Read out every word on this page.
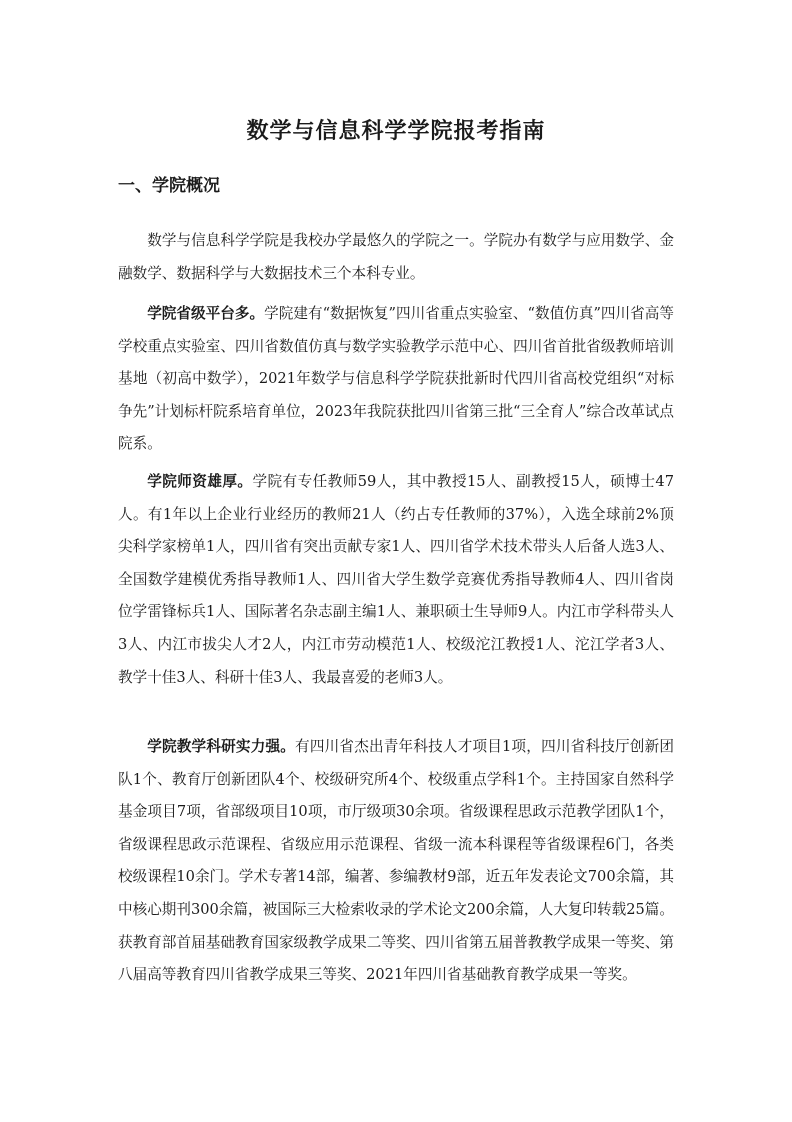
数学与信息科学学院报考指南
一、学院概况

数学与信息科学学院是我校办学最悠久的学院之一。学院办有数学与应用数学、金融数学、数据科学与大数据技术三个本科专业。

学院省级平台多。学院建有“数据恢复”四川省重点实验室、“数值仿真”四川省高等学校重点实验室、四川省数值仿真与数学实验教学示范中心、四川省首批省级教师培训基地（初高中数学），2021年数学与信息科学学院获批新时代四川省高校党组织“对标争先”计划标杆院系培育单位，2023年我院获批四川省第三批“三全育人”综合改革试点院系。

学院师资雄厚。学院有专任教师59人，其中教授15人、副教授15人，硕博士47人。有1年以上企业行业经历的教师21人（约占专任教师的37%），入选全球前2%顶尖科学家榜单1人，四川省有突出贡献专家1人、四川省学术技术带头人后备人选3人、全国数学建模优秀指导教师1人、四川省大学生数学竞赛优秀指导教师4人、四川省岗位学雷锋标兵1人、国际著名杂志副主编1人、兼职硕士生导师9人。内江市学科带头人3人、内江市拔尖人才2人，内江市劳动模范1人、校级沱江教授1人、沱江学者3人、教学十佳3人、科研十佳3人、我最喜爱的老师3人。

学院教学科研实力强。有四川省杰出青年科技人才项目1项，四川省科技厅创新团队1个、教育厅创新团队4个、校级研究所4个、校级重点学科1个。主持国家自然科学基金项目7项，省部级项目10项，市厅级项30余项。省级课程思政示范教学团队1个，省级课程思政示范课程、省级应用示范课程、省级一流本科课程等省级课程6门，各类校级课程10余门。学术专著14部，编著、参编教材9部，近五年发表论文700余篇，其中核心期刊300余篇，被国际三大检索收录的学术论文200余篇，人大复印转载25篇。获教育部首届基础教育国家级教学成果二等奖、四川省第五届普教教学成果一等奖、第八届高等教育四川省教学成果三等奖、2021年四川省基础教育教学成果一等奖。
